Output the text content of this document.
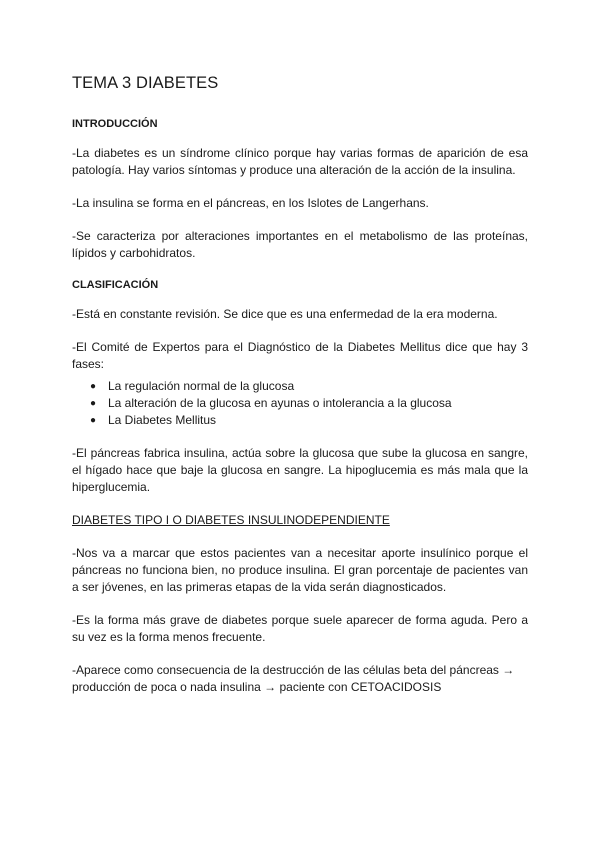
TEMA 3 DIABETES
INTRODUCCIÓN

-La diabetes es un síndrome clínico porque hay varias formas de aparición de esa patología. Hay varios síntomas y produce una alteración de la acción de la insulina.

-La insulina se forma en el páncreas, en los Islotes de Langerhans.

-Se caracteriza por alteraciones importantes en el metabolismo de las proteínas, lípidos y carbohidratos.

CLASIFICACIÓN

-Está en constante revisión. Se dice que es una enfermedad de la era moderna.

-El Comité de Expertos para el Diagnóstico de la Diabetes Mellitus dice que hay 3 fases:

● La regulación normal de la glucosa
● La alteración de la glucosa en ayunas o intolerancia a la glucosa
● La Diabetes Mellitus

-El páncreas fabrica insulina, actúa sobre la glucosa que sube la glucosa en sangre, el hígado hace que baje la glucosa en sangre. La hipoglucemia es más mala que la hiperglucemia.

DIABETES TIPO I O DIABETES INSULINODEPENDIENTE

-Nos va a marcar que estos pacientes van a necesitar aporte insulínico porque el páncreas no funciona bien, no produce insulina. El gran porcentaje de pacientes van a ser jóvenes, en las primeras etapas de la vida serán diagnosticados.

-Es la forma más grave de diabetes porque suele aparecer de forma aguda. Pero a su vez es la forma menos frecuente.

-Aparece como consecuencia de la destrucción de las células beta del páncreas → producción de poca o nada insulina → paciente con CETOACIDOSIS
